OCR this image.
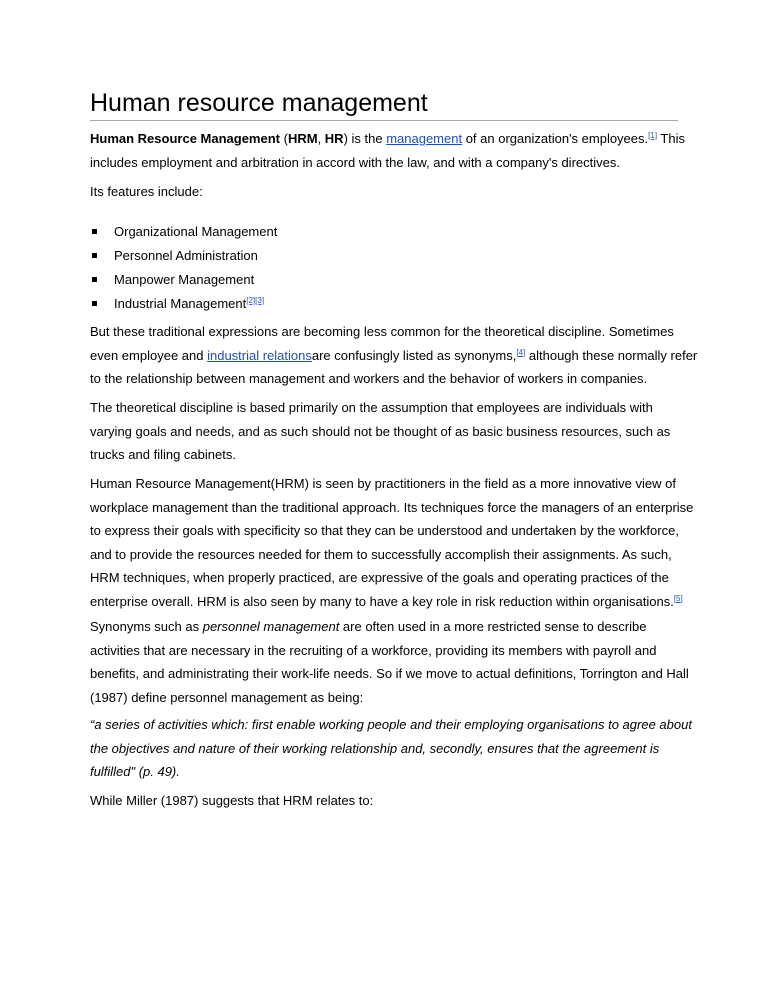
Human resource management

Human Resource Management (HRM, HR) is the management of an organization's employees.[1] This
includes employment and arbitration in accord with the law, and with a company's directives.

Its features include:

Organizational Management
Personnel Administration
Manpower Management
Industrial Management[2][3]

But these traditional expressions are becoming less common for the theoretical discipline. Sometimes
even employee and industrial relationsare confusingly listed as synonyms,[4] although these normally refer
to the relationship between management and workers and the behavior of workers in companies.

The theoretical discipline is based primarily on the assumption that employees are individuals with
varying goals and needs, and as such should not be thought of as basic business resources, such as
trucks and filing cabinets.

Human Resource Management(HRM) is seen by practitioners in the field as a more innovative view of
workplace management than the traditional approach. Its techniques force the managers of an enterprise
to express their goals with specificity so that they can be understood and undertaken by the workforce,
and to provide the resources needed for them to successfully accomplish their assignments. As such,
HRM techniques, when properly practiced, are expressive of the goals and operating practices of the
enterprise overall. HRM is also seen by many to have a key role in risk reduction within organisations.[5]

Synonyms such as personnel management are often used in a more restricted sense to describe
activities that are necessary in the recruiting of a workforce, providing its members with payroll and
benefits, and administrating their work-life needs. So if we move to actual definitions, Torrington and Hall
(1987) define personnel management as being:

“a series of activities which: first enable working people and their employing organisations to agree about
the objectives and nature of their working relationship and, secondly, ensures that the agreement is
fulfilled" (p. 49).

While Miller (1987) suggests that HRM relates to:
